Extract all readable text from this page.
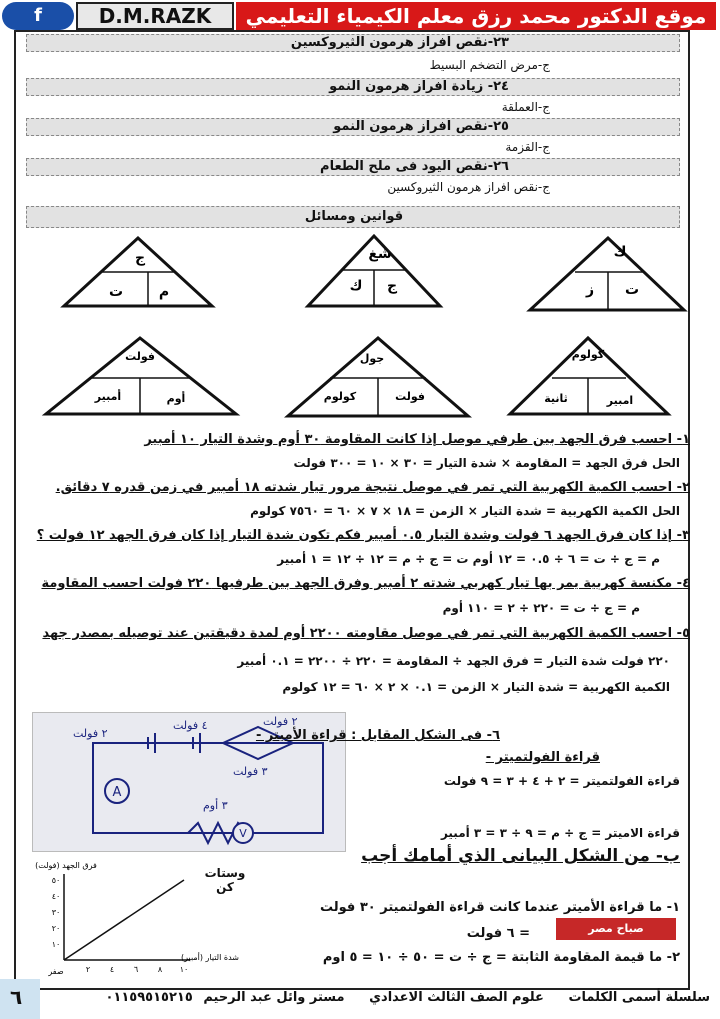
f	D.M.RAZK	موقع الدكتور محمد رزق معلم الكيمياء التعليمي
٢٣-نقص افراز هرمون الثيروكسين
ج-مرض التضخم البسيط
٢٤- زيادة افراز هرمون النمو
ج-العملقة
٢٥-نقص افراز هرمون النمو
ج-القزمة
٢٦-نقص اليود فى ملح الطعام
ج-نقص افراز هرمون الثيروكسين
قوانين ومسائل
ك
ت
ز
شغ
ك ج
ج
م
ت
كولوم
ثانية	امبير
جول
كولوم	فولت
فولت
أوم
أمبير
١- احسب فرق الجهد بين طرفي موصل إذا كانت المقاومة ٣٠ أوم وشدة التيار ١٠ أمبير
الحل فرق الجهد = المقاومة × شدة التيار = ٣٠ × ١٠ = ٣٠٠ فولت
٢- احسب الكمية الكهربية التي تمر في موصل نتيجة مرور تيار شدته ١٨ أمبير في زمن قدره ٧ دقائق.
الحل الكمية الكهربية = شدة التيار × الزمن = ١٨ × ٧ × ٦٠ = ٧٥٦٠ كولوم
٣- إذا كان فرق الجهد ٦ فولت وشدة التيار ٠.٥ أمبير فكم تكون شدة التيار إذا كان فرق الجهد ١٢ فولت ؟
م = ج ÷ ت = ٦ ÷ ٠.٥ = ١٢ أوم ت = ج ÷ م = ١٢ ÷ ١٢ = ١ أمبير
٤- مكنسة كهربية يمر بها تيار كهربي شدته ٢ أمبير وفرق الجهد بين طرفيها ٢٢٠ فولت احسب المقاومة
م = ج ÷ ت = ٢٢٠ ÷ ٢ = ١١٠ أوم
٥- احسب الكمية الكهربية التي تمر في موصل مقاومته ٢٢٠٠ أوم لمدة دقيقتين عند توصيله بمصدر جهد
٢٢٠ فولت شدة التيار = فرق الجهد ÷ المقاومة = ٢٢٠ ÷ ٢٢٠٠ = ٠.١ أمبير
الكمية الكهربية = شدة التيار × الزمن = ٠.١ × ٢ × ٦٠ = ١٢ كولوم
A
V
٢ فولت
٤ فولت	٢ فولت
٣ فولت
٣ أوم
٦- فى الشكل المقابل : قراءة الأميتر -
قراءة الفولتميتر -
قراءة الفولتميتر = ٢ + ٤ + ٣ = ٩ فولت
قراءة الاميتر = ج ÷ م = ٩ ÷ ٣ = ٣ أمبير
ب- من الشكل البيانى الذي أمامك أجب
فرق الجهد (فولت)
شدة التيار (أمبير)
صفر	٢ ٤ ٦ ٨ ١٠
١٠
٢٠
٣٠
٤٠
٥٠
وستات كن
١- ما قراءة الأميتر عندما كانت قراءة الفولتميتر ٣٠ فولت
= ٦ فولت	صباح مصر
٢- ما قيمة المقاومة الثابتة = ج ÷ ت = ٥٠ ÷ ١٠ = ٥ اوم
٦	سلسلة أسمى الكلمات علوم الصف الثالث الاعدادي مستر وائل عبد الرحيم ٠١١٥٩٥١٥٢١٥
